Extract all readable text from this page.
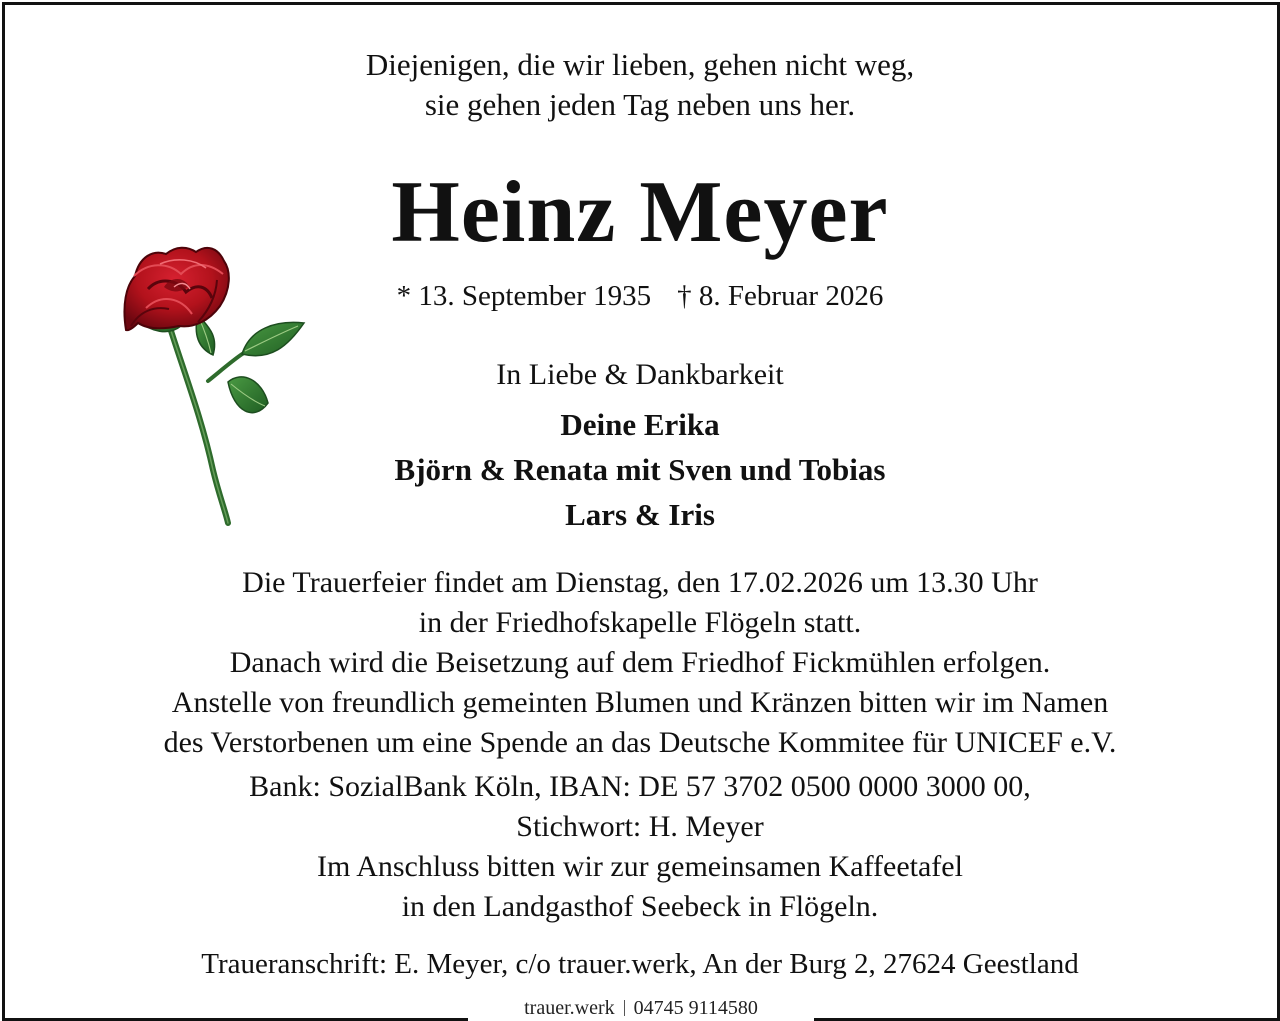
Diejenigen, die wir lieben, gehen nicht weg,
sie gehen jeden Tag neben uns her.
Heinz Meyer
* 13. September 1935 † 8. Februar 2026
In Liebe & Dankbarkeit
Deine Erika
Björn & Renata mit Sven und Tobias
Lars & Iris
Die Trauerfeier findet am Dienstag, den 17.02.2026 um 13.30 Uhr
in der Friedhofskapelle Flögeln statt.
Danach wird die Beisetzung auf dem Friedhof Fickmühlen erfolgen.
Anstelle von freundlich gemeinten Blumen und Kränzen bitten wir im Namen
des Verstorbenen um eine Spende an das Deutsche Kommitee für UNICEF e.V.
Bank: SozialBank Köln, IBAN: DE 57 3702 0500 0000 3000 00,
Stichwort: H. Meyer
Im Anschluss bitten wir zur gemeinsamen Kaffeetafel
in den Landgasthof Seebeck in Flögeln.
Traueranschrift: E. Meyer, c/o trauer.werk, An der Burg 2, 27624 Geestland
trauer.werk 04745 9114580
